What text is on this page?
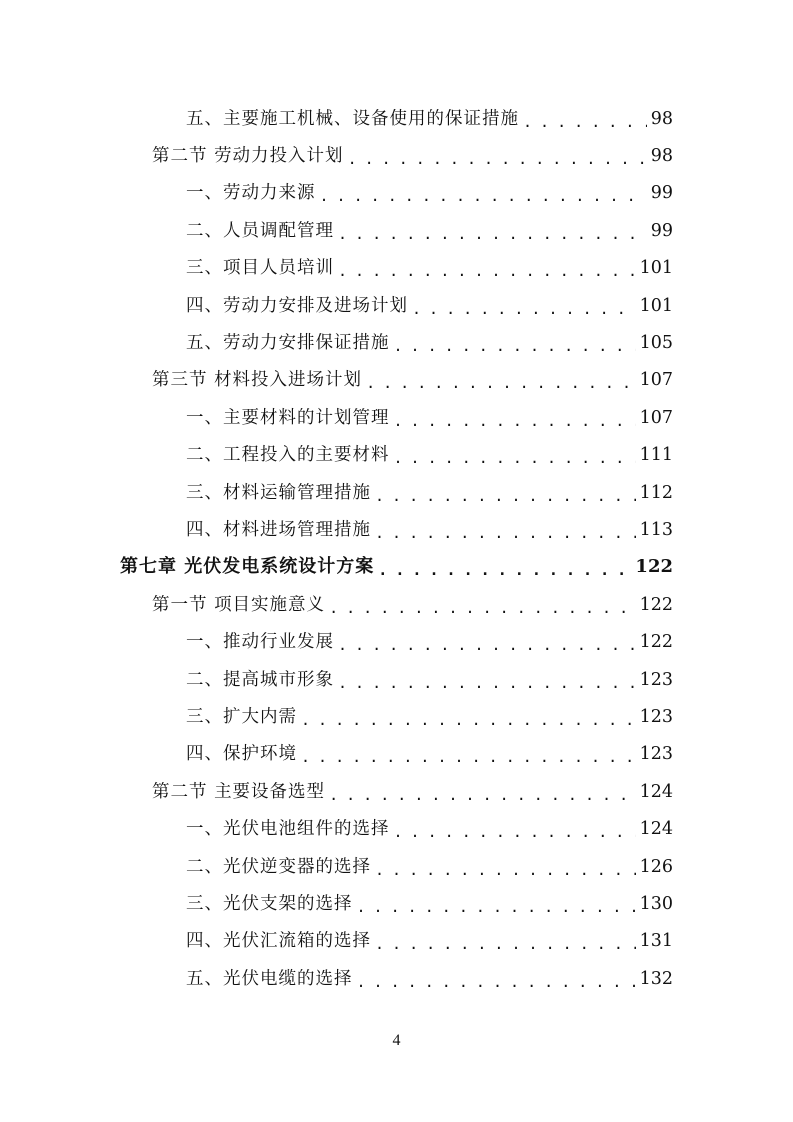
五、主要施工机械、设备使用的保证措施 . . .	98
第二节 劳动力投入计划 . . .	98
一、劳动力来源 . . .	99
二、人员调配管理 . . .	99
三、项目人员培训 . . .	101
四、劳动力安排及进场计划 . . .	101
五、劳动力安排保证措施 . . .	105
第三节 材料投入进场计划 . . .	107
一、主要材料的计划管理 . . .	107
二、工程投入的主要材料 . . .	111
三、材料运输管理措施 . . .	112
四、材料进场管理措施 . . .	113
第七章 光伏发电系统设计方案 . . .	122
第一节 项目实施意义 . . .	122
一、推动行业发展 . . .	122
二、提高城市形象 . . .	123
三、扩大内需 . . .	123
四、保护环境 . . .	123
第二节 主要设备选型 . . .	124
一、光伏电池组件的选择 . . .	124
二、光伏逆变器的选择 . . .	126
三、光伏支架的选择 . . .	130
四、光伏汇流箱的选择 . . .	131
五、光伏电缆的选择 . . .	132
4
